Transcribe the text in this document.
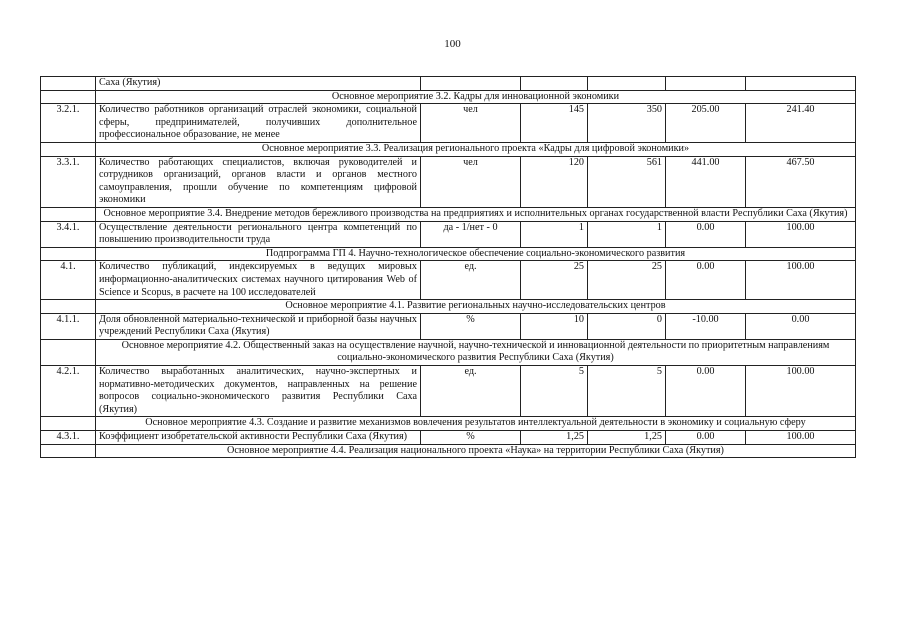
100
	Саха (Якутия)					
	Основное мероприятие 3.2. Кадры для инновационной экономики					
3.2.1.	Количество работников организаций отраслей экономики, социальной сферы, предпринимателей, получивших дополнительное профессиональное образование, не менее	чел	145	350	205.00	241.40
	Основное мероприятие 3.3. Реализация регионального проекта «Кадры для цифровой экономики»					
3.3.1.	Количество работающих специалистов, включая руководителей и сотрудников организаций, органов власти и органов местного самоуправления, прошли обучение по компетенциям цифровой экономики	чел	120	561	441.00	467.50
	Основное мероприятие 3.4. Внедрение методов бережливого производства на предприятиях и исполнительных органах государственной власти Республики Саха (Якутия)					
3.4.1.	Осуществление деятельности регионального центра компетенций по повышению производительности труда	да - 1/нет - 0	1	1	0.00	100.00
	Подпрограмма ГП 4. Научно-технологическое обеспечение социально-экономического развития					
4.1.	Количество публикаций, индексируемых в ведущих мировых информационно-аналитических системах научного цитирования Web of Science и Scopus, в расчете на 100 исследователей	ед.	25	25	0.00	100.00
	Основное мероприятие 4.1. Развитие региональных научно-исследовательских центров					
4.1.1.	Доля обновленной материально-технической и приборной базы научных учреждений Республики Саха (Якутия)	%	10	0	-10.00	0.00
	Основное мероприятие 4.2. Общественный заказ на осуществление научной, научно-технической и инновационной деятельности по приоритетным направлениям социально-экономического развития Республики Саха (Якутия)					
4.2.1.	Количество выработанных аналитических, научно-экспертных и нормативно-методических документов, направленных на решение вопросов социально-экономического развития Республики Саха (Якутия)	ед.	5	5	0.00	100.00
	Основное мероприятие 4.3. Создание и развитие механизмов вовлечения результатов интеллектуальной деятельности в экономику и социальную сферу					
4.3.1.	Коэффициент изобретательской активности Республики Саха (Якутия)	%	1,25	1,25	0.00	100.00
	Основное мероприятие 4.4. Реализация национального проекта «Наука» на территории Республики Саха (Якутия)					
